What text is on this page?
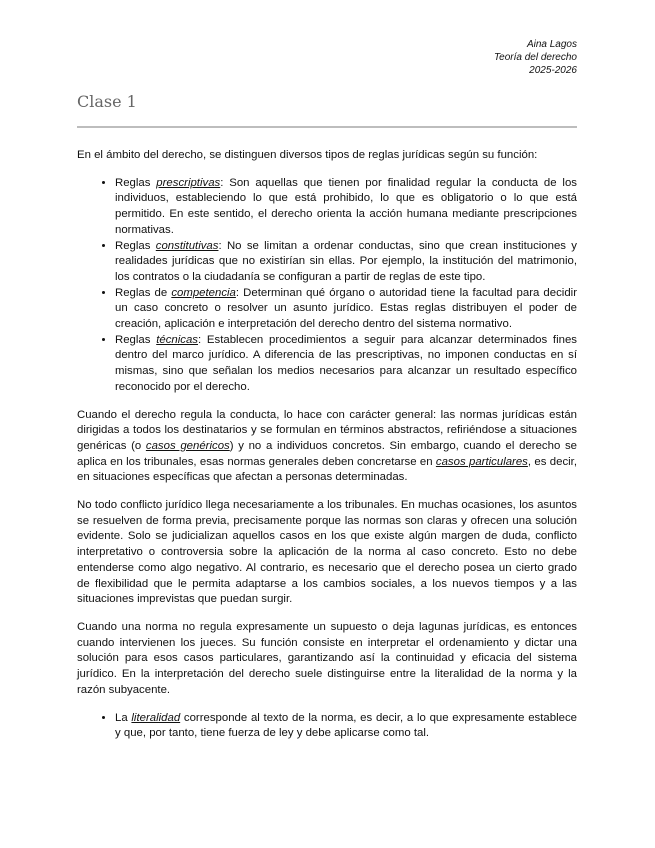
Aina Lagos
Teoría del derecho
2025-2026
Clase 1

En el ámbito del derecho, se distinguen diversos tipos de reglas jurídicas según su función:

• Reglas prescriptivas: Son aquellas que tienen por finalidad regular la conducta de los individuos, estableciendo lo que está prohibido, lo que es obligatorio o lo que está permitido. En este sentido, el derecho orienta la acción humana mediante prescripciones normativas.
• Reglas constitutivas: No se limitan a ordenar conductas, sino que crean instituciones y realidades jurídicas que no existirían sin ellas. Por ejemplo, la institución del matrimonio, los contratos o la ciudadanía se configuran a partir de reglas de este tipo.
• Reglas de competencia: Determinan qué órgano o autoridad tiene la facultad para decidir un caso concreto o resolver un asunto jurídico. Estas reglas distribuyen el poder de creación, aplicación e interpretación del derecho dentro del sistema normativo.
• Reglas técnicas: Establecen procedimientos a seguir para alcanzar determinados fines dentro del marco jurídico. A diferencia de las prescriptivas, no imponen conductas en sí mismas, sino que señalan los medios necesarios para alcanzar un resultado específico reconocido por el derecho.

Cuando el derecho regula la conducta, lo hace con carácter general: las normas jurídicas están dirigidas a todos los destinatarios y se formulan en términos abstractos, refiriéndose a situaciones genéricas (o casos genéricos) y no a individuos concretos. Sin embargo, cuando el derecho se aplica en los tribunales, esas normas generales deben concretarse en casos particulares, es decir, en situaciones específicas que afectan a personas determinadas.

No todo conflicto jurídico llega necesariamente a los tribunales. En muchas ocasiones, los asuntos se resuelven de forma previa, precisamente porque las normas son claras y ofrecen una solución evidente. Solo se judicializan aquellos casos en los que existe algún margen de duda, conflicto interpretativo o controversia sobre la aplicación de la norma al caso concreto. Esto no debe entenderse como algo negativo. Al contrario, es necesario que el derecho posea un cierto grado de flexibilidad que le permita adaptarse a los cambios sociales, a los nuevos tiempos y a las situaciones imprevistas que puedan surgir.

Cuando una norma no regula expresamente un supuesto o deja lagunas jurídicas, es entonces cuando intervienen los jueces. Su función consiste en interpretar el ordenamiento y dictar una solución para esos casos particulares, garantizando así la continuidad y eficacia del sistema jurídico. En la interpretación del derecho suele distinguirse entre la literalidad de la norma y la razón subyacente.

• La literalidad corresponde al texto de la norma, es decir, a lo que expresamente establece y que, por tanto, tiene fuerza de ley y debe aplicarse como tal.
